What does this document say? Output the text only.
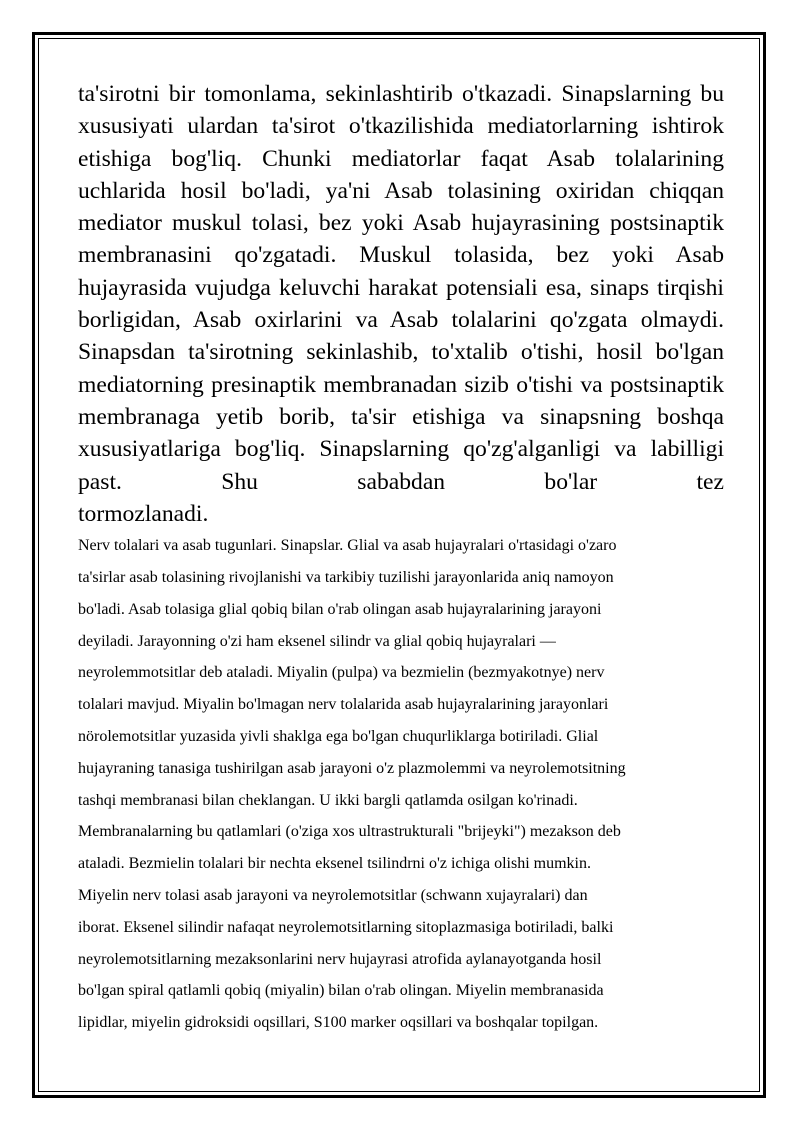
ta'sirotni bir tomonlama, sekinlashtirib o'tkazadi. Sinapslarning bu xususiyati ulardan ta'sirot o'tkazilishida mediatorlarning ishtirok etishiga bog'liq. Chunki mediatorlar faqat Asab tolalarining uchlarida hosil bo'ladi, ya'ni Asab tolasining oxiridan chiqqan mediator muskul tolasi, bez yoki Asab hujayrasining postsinaptik membranasini qo'zgatadi. Muskul tolasida, bez yoki Asab hujayrasida vujudga keluvchi harakat potensiali esa, sinaps tirqishi borligidan, Asab oxirlarini va Asab tolalarini qo'zgata olmaydi. Sinapsdan ta'sirotning sekinlashib, to'xtalib o'tishi, hosil bo'lgan mediatorning presinaptik membranadan sizib o'tishi va postsinaptik membranaga yetib borib, ta'sir etishiga va sinapsning boshqa xususiyatlariga bog'liq. Sinapslarning qo'zg'alganligi va labilligi past. Shu sababdan bo'lar tez

tormozlanadi.

Nerv tolalari va asab tugunlari. Sinapslar. Glial va asab hujayralari o'rtasidagi o'zaro
ta'sirlar asab tolasining rivojlanishi va tarkibiy tuzilishi jarayonlarida aniq namoyon
bo'ladi. Asab tolasiga glial qobiq bilan o'rab olingan asab hujayralarining jarayoni
deyiladi. Jarayonning o'zi ham eksenel silindr va glial qobiq hujayralari —
neyrolemmotsitlar deb ataladi. Miyalin (pulpa) va bezmielin (bezmyakotnye) nerv
tolalari mavjud. Miyalin bo'lmagan nerv tolalarida asab hujayralarining jarayonlari
nörolemotsitlar yuzasida yivli shaklga ega bo'lgan chuqurliklarga botiriladi. Glial
hujayraning tanasiga tushirilgan asab jarayoni o'z plazmolemmi va neyrolemotsitning
tashqi membranasi bilan cheklangan. U ikki bargli qatlamda osilgan ko'rinadi.
Membranalarning bu qatlamlari (o'ziga xos ultrastrukturali "brijeyki") mezakson deb
ataladi. Bezmielin tolalari bir nechta eksenel tsilindrni o'z ichiga olishi mumkin.
Miyelin nerv tolasi asab jarayoni va neyrolemotsitlar (schwann xujayralari) dan
iborat. Eksenel silindir nafaqat neyrolemotsitlarning sitoplazmasiga botiriladi, balki
neyrolemotsitlarning mezaksonlarini nerv hujayrasi atrofida aylanayotganda hosil
bo'lgan spiral qatlamli qobiq (miyalin) bilan o'rab olingan. Miyelin membranasida
lipidlar, miyelin gidroksidi oqsillari, S100 marker oqsillari va boshqalar topilgan.
